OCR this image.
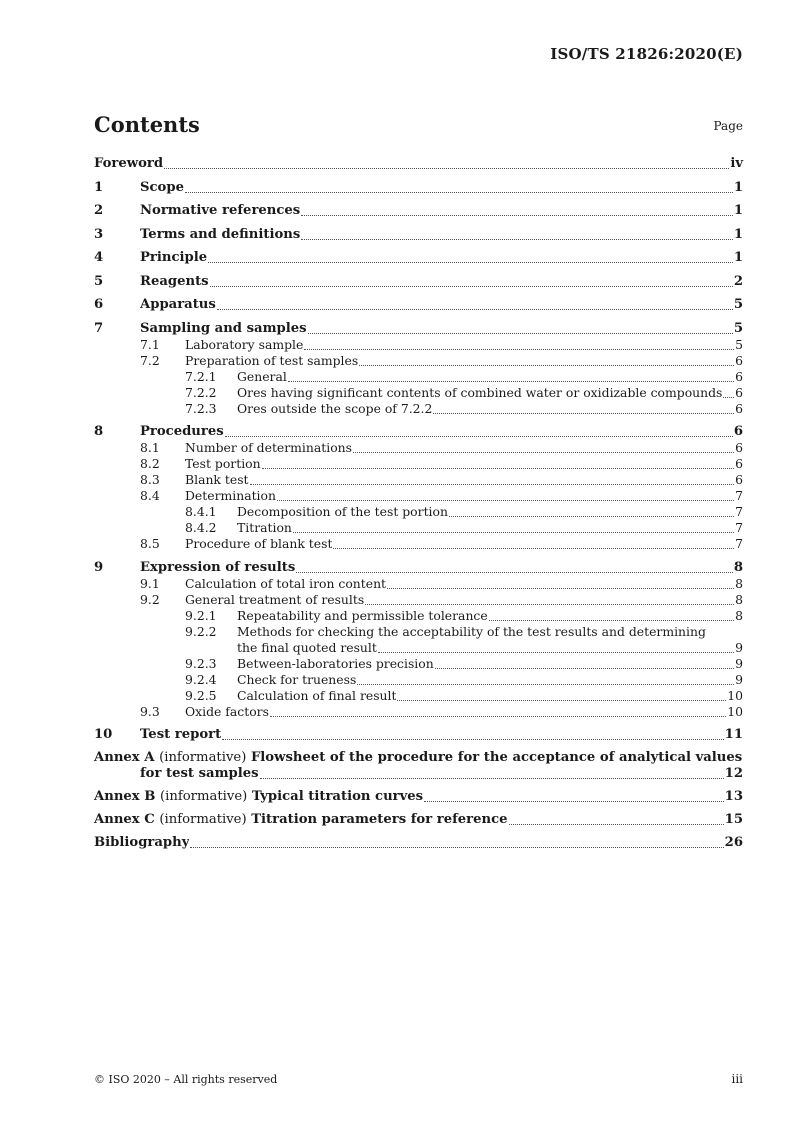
ISO/TS 21826:2020(E)
Contents	Page
Foreword	iv
1	Scope	1
2	Normative references	1
3	Terms and definitions	1
4	Principle	1
5	Reagents	2
6	Apparatus	5
7	Sampling and samples	5
7.1	Laboratory sample	5
7.2	Preparation of test samples	6
7.2.1	General	6
7.2.2	Ores having significant contents of combined water or oxidizable compounds 6
7.2.3	Ores outside the scope of 7.2.2	6
8	Procedures	6
8.1	Number of determinations	6
8.2	Test portion	6
8.3	Blank test	6
8.4	Determination	7
8.4.1	Decomposition of the test portion	7
8.4.2	Titration	7
8.5	Procedure of blank test	7
9	Expression of results	8
9.1	Calculation of total iron content	8
9.2	General treatment of results	8
9.2.1	Repeatability and permissible tolerance	8
9.2.2	Methods for checking the acceptability of the test results and determining
the final quoted result	9
9.2.3	Between-laboratories precision	9
9.2.4	Check for trueness	9
9.2.5	Calculation of final result	10
9.3	Oxide factors	10
10	Test report	11
Annex A
(informative)
Flowsheet of the procedure for the acceptance of analytical values
for test samples	12
Annex B
(informative)
Typical titration curves	13
Annex C
(informative)
Titration parameters for reference	15
Bibliography	26
© ISO 2020 – All rights reserved	iii
